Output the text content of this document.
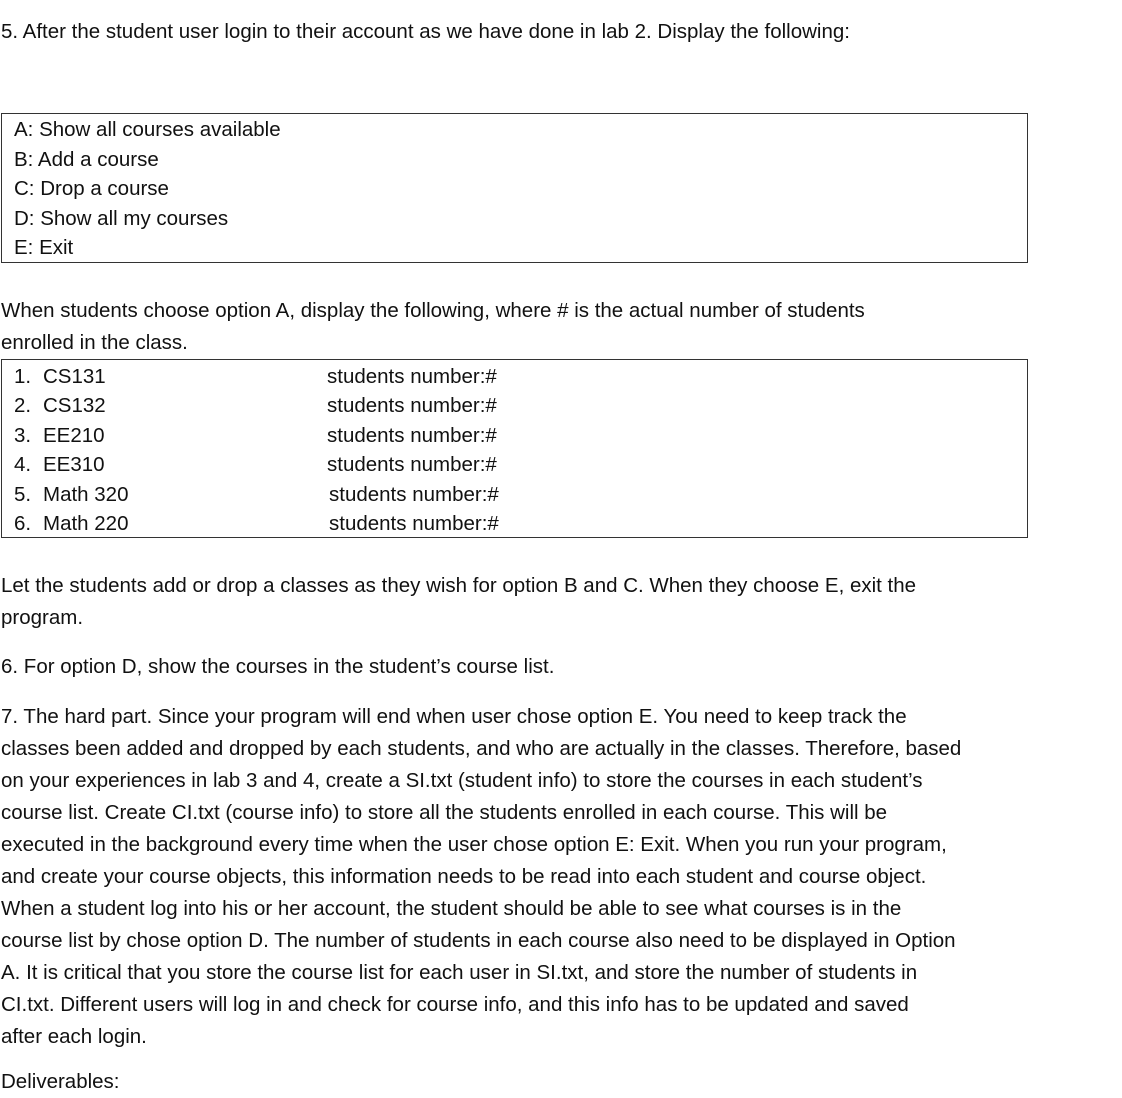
5. After the student user login to their account as we have done in lab 2. Display the following:

A: Show all courses available
B: Add a course
C: Drop a course
D: Show all my courses
E: Exit

When students choose option A, display the following, where # is the actual number of students
enrolled in the class.

1. CS131	students number:#
2. CS132	students number:#
3. EE210	students number:#
4. EE310	students number:#
5. Math 320	students number:#
6. Math 220	students number:#

Let the students add or drop a classes as they wish for option B and C. When they choose E, exit the
program.

6. For option D, show the courses in the student’s course list.

7. The hard part. Since your program will end when user chose option E. You need to keep track the
classes been added and dropped by each students, and who are actually in the classes. Therefore, based
on your experiences in lab 3 and 4, create a SI.txt (student info) to store the courses in each student’s
course list. Create CI.txt (course info) to store all the students enrolled in each course. This will be
executed in the background every time when the user chose option E: Exit. When you run your program,
and create your course objects, this information needs to be read into each student and course object.
When a student log into his or her account, the student should be able to see what courses is in the
course list by chose option D. The number of students in each course also need to be displayed in Option
A. It is critical that you store the course list for each user in SI.txt, and store the number of students in
CI.txt. Different users will log in and check for course info, and this info has to be updated and saved
after each login.

Deliverables:
